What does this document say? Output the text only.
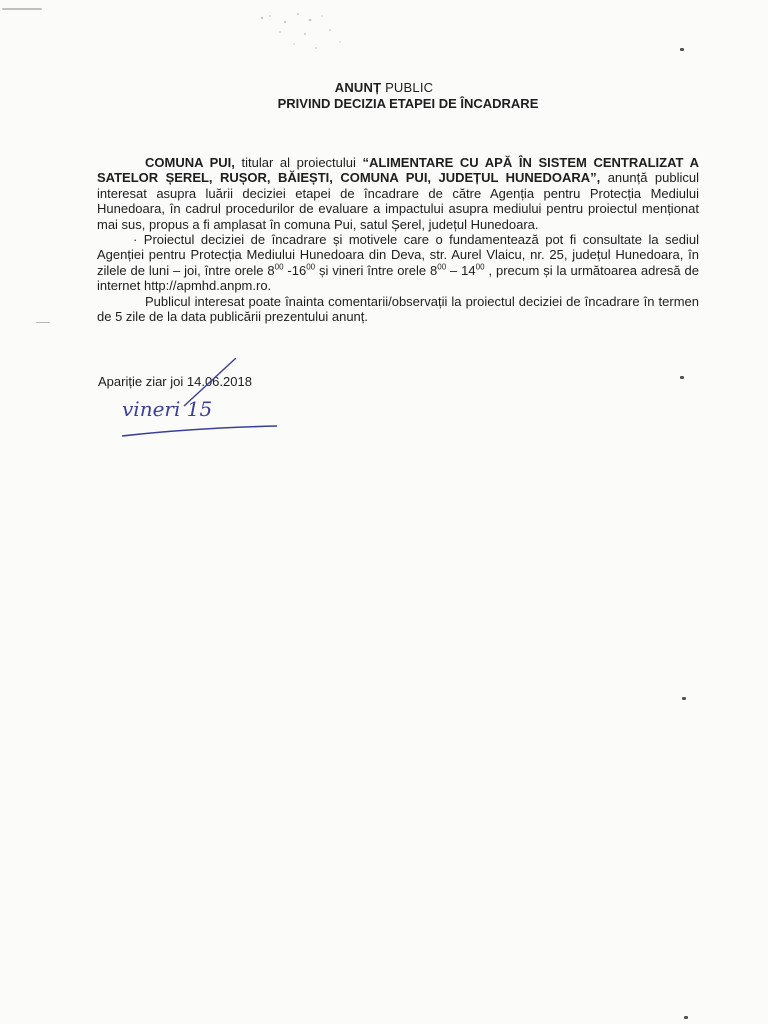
ANUNȚ PUBLIC
PRIVIND DECIZIA ETAPEI DE ÎNCADRARE

COMUNA PUI, titular al proiectului “ALIMENTARE CU APĂ ÎN SISTEM CENTRALIZAT A SATELOR ȘEREL, RUȘOR, BĂIEȘTI, COMUNA PUI, JUDEȚUL HUNEDOARA”, anunță publicul interesat asupra luării deciziei etapei de încadrare de către Agenția pentru Protecția Mediului Hunedoara, în cadrul procedurilor de evaluare a impactului asupra mediului pentru proiectul menționat mai sus, propus a fi amplasat în comuna Pui, satul Șerel, județul Hunedoara.

· Proiectul deciziei de încadrare și motivele care o fundamentează pot fi consultate la sediul Agenției pentru Protecția Mediului Hunedoara din Deva, str. Aurel Vlaicu, nr. 25, județul Hunedoara, în zilele de luni – joi, între orele $8^{00}$ $-16^{00}$ și vineri între orele $8^{00} - 14^{00}$ , precum și la următoarea adresă de internet http://apmhd.anpm.ro.

Publicul interesat poate înainta comentarii/observații la proiectul deciziei de încadrare în termen de 5 zile de la data publicării prezentului anunț.

Apariție ziar joi 14.06.2018
vineri 15
